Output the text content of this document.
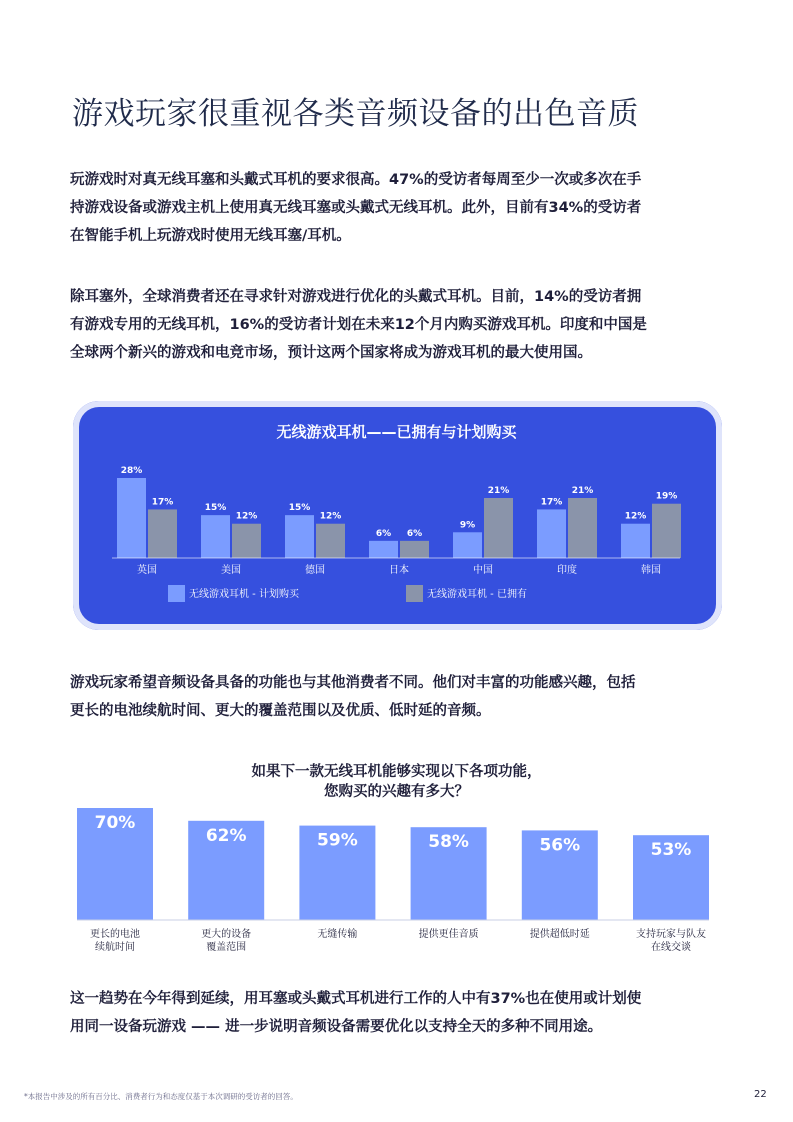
游戏玩家很重视各类音频设备的出色音质
玩游戏时对真无线耳塞和头戴式耳机的要求很高。47%的受访者每周至少一次或多次在手
持游戏设备或游戏主机上使用真无线耳塞或头戴式无线耳机。此外，目前有34%的受访者
在智能手机上玩游戏时使用无线耳塞/耳机。
除耳塞外，全球消费者还在寻求针对游戏进行优化的头戴式耳机。目前，14%的受访者拥
有游戏专用的无线耳机，16%的受访者计划在未来12个月内购买游戏耳机。印度和中国是
全球两个新兴的游戏和电竞市场，预计这两个国家将成为游戏耳机的最大使用国。
无线游戏耳机——已拥有与计划购买
28%
17%
英国
15%
12%
美国
15%
12%
德国
6% 6%
日本
9%
21%
中国
17%
21%
印度
12%
19%
韩国
无线游戏耳机 - 计划购买	无线游戏耳机 - 已拥有
游戏玩家希望音频设备具备的功能也与其他消费者不同。他们对丰富的功能感兴趣，包括
更长的电池续航时间、更大的覆盖范围以及优质、低时延的音频。
如果下一款无线耳机能够实现以下各项功能，
您购买的兴趣有多大？
70%
更长的电池
续航时间
62%
更大的设备
覆盖范围
59%
无缝传输
58%
提供更佳音质
56%
提供超低时延
53%
支持玩家与队友
在线交谈
这一趋势在今年得到延续，用耳塞或头戴式耳机进行工作的人中有37%也在使用或计划使
用同一设备玩游戏 —— 进一步说明音频设备需要优化以支持全天的多种不同用途。
*本报告中涉及的所有百分比、消费者行为和态度仅基于本次调研的受访者的回答。	22
